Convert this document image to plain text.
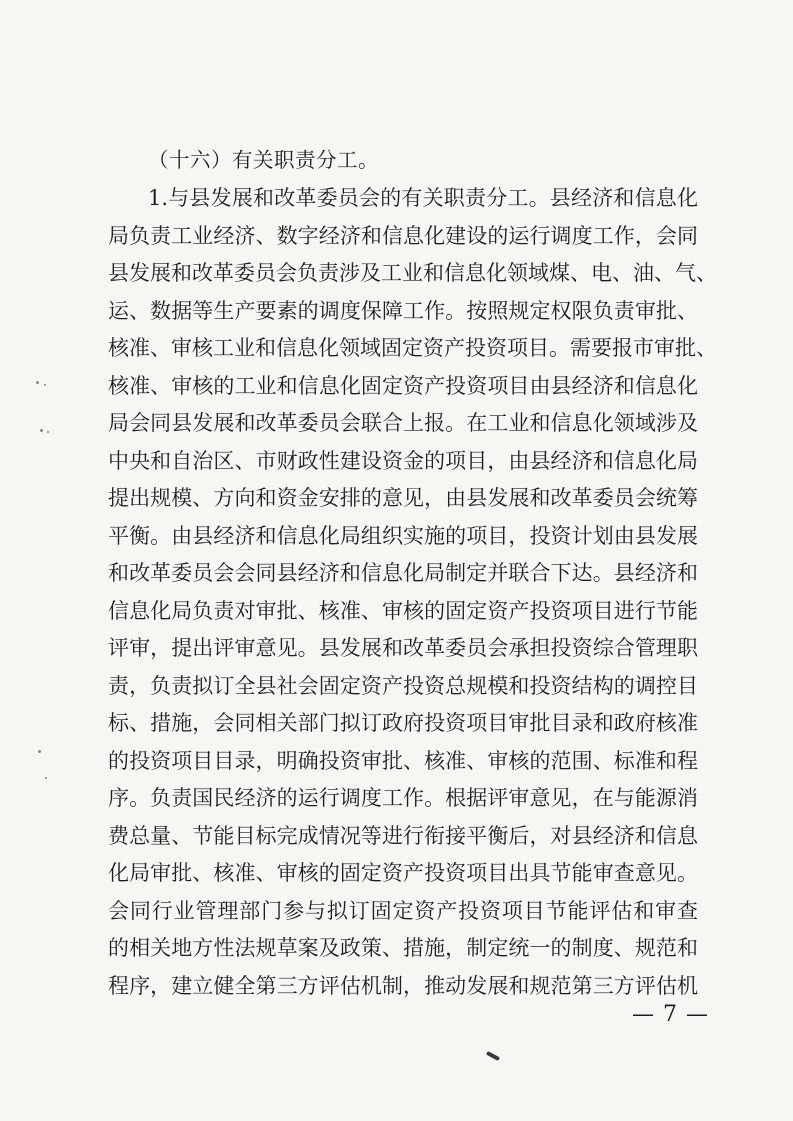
（十六）有关职责分工。
1.与县发展和改革委员会的有关职责分工。县经济和信息化
局负责工业经济、数字经济和信息化建设的运行调度工作，会同
县发展和改革委员会负责涉及工业和信息化领域煤、电、油、气、
运、数据等生产要素的调度保障工作。按照规定权限负责审批、
核准、审核工业和信息化领域固定资产投资项目。需要报市审批、
核准、审核的工业和信息化固定资产投资项目由县经济和信息化
局会同县发展和改革委员会联合上报。在工业和信息化领域涉及
中央和自治区、市财政性建设资金的项目，由县经济和信息化局
提出规模、方向和资金安排的意见，由县发展和改革委员会统筹
平衡。由县经济和信息化局组织实施的项目，投资计划由县发展
和改革委员会会同县经济和信息化局制定并联合下达。县经济和
信息化局负责对审批、核准、审核的固定资产投资项目进行节能
评审，提出评审意见。县发展和改革委员会承担投资综合管理职
责，负责拟订全县社会固定资产投资总规模和投资结构的调控目
标、措施，会同相关部门拟订政府投资项目审批目录和政府核准
的投资项目目录，明确投资审批、核准、审核的范围、标准和程
序。负责国民经济的运行调度工作。根据评审意见，在与能源消
费总量、节能目标完成情况等进行衔接平衡后，对县经济和信息
化局审批、核准、审核的固定资产投资项目出具节能审查意见。
会同行业管理部门参与拟订固定资产投资项目节能评估和审查
的相关地方性法规草案及政策、措施，制定统一的制度、规范和
程序，建立健全第三方评估机制，推动发展和规范第三方评估机
— 7 —
